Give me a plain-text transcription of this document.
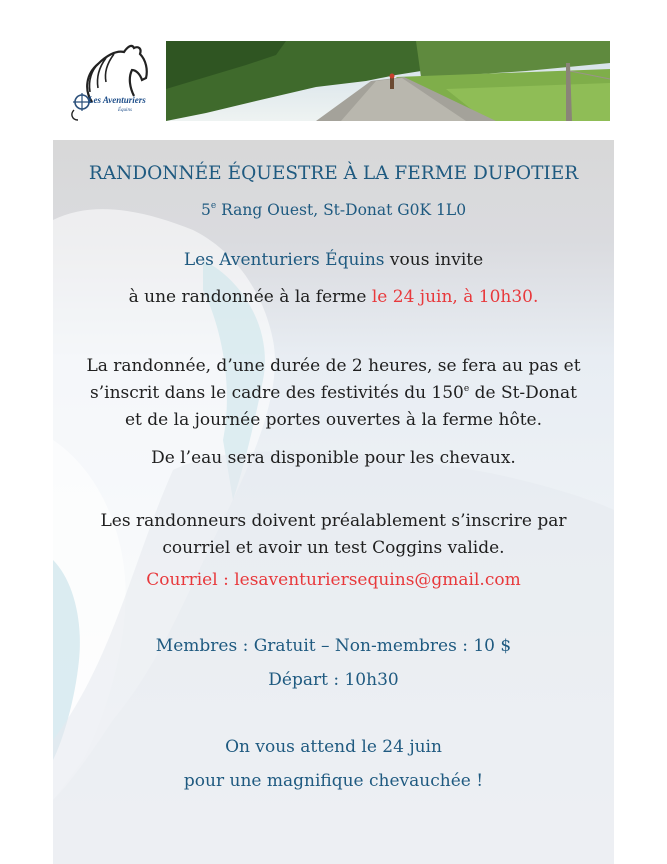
Les Aventuriers
Équins
RANDONNÉE ÉQUESTRE À LA FERME DUPOTIER
5e Rang Ouest, St-Donat G0K 1L0
Les Aventuriers Équins vous invite
à une randonnée à la ferme le 24 juin, à 10h30.
La randonnée, d’une durée de 2 heures, se fera au pas et
s’inscrit dans le cadre des festivités du 150e de St-Donat
et de la journée portes ouvertes à la ferme hôte.
De l’eau sera disponible pour les chevaux.
Les randonneurs doivent préalablement s’inscrire par
courriel et avoir un test Coggins valide.
Courriel : lesaventuriersequins@gmail.com
Membres : Gratuit – Non-membres : 10 $
Départ : 10h30
On vous attend le 24 juin
pour une magnifique chevauchée !
